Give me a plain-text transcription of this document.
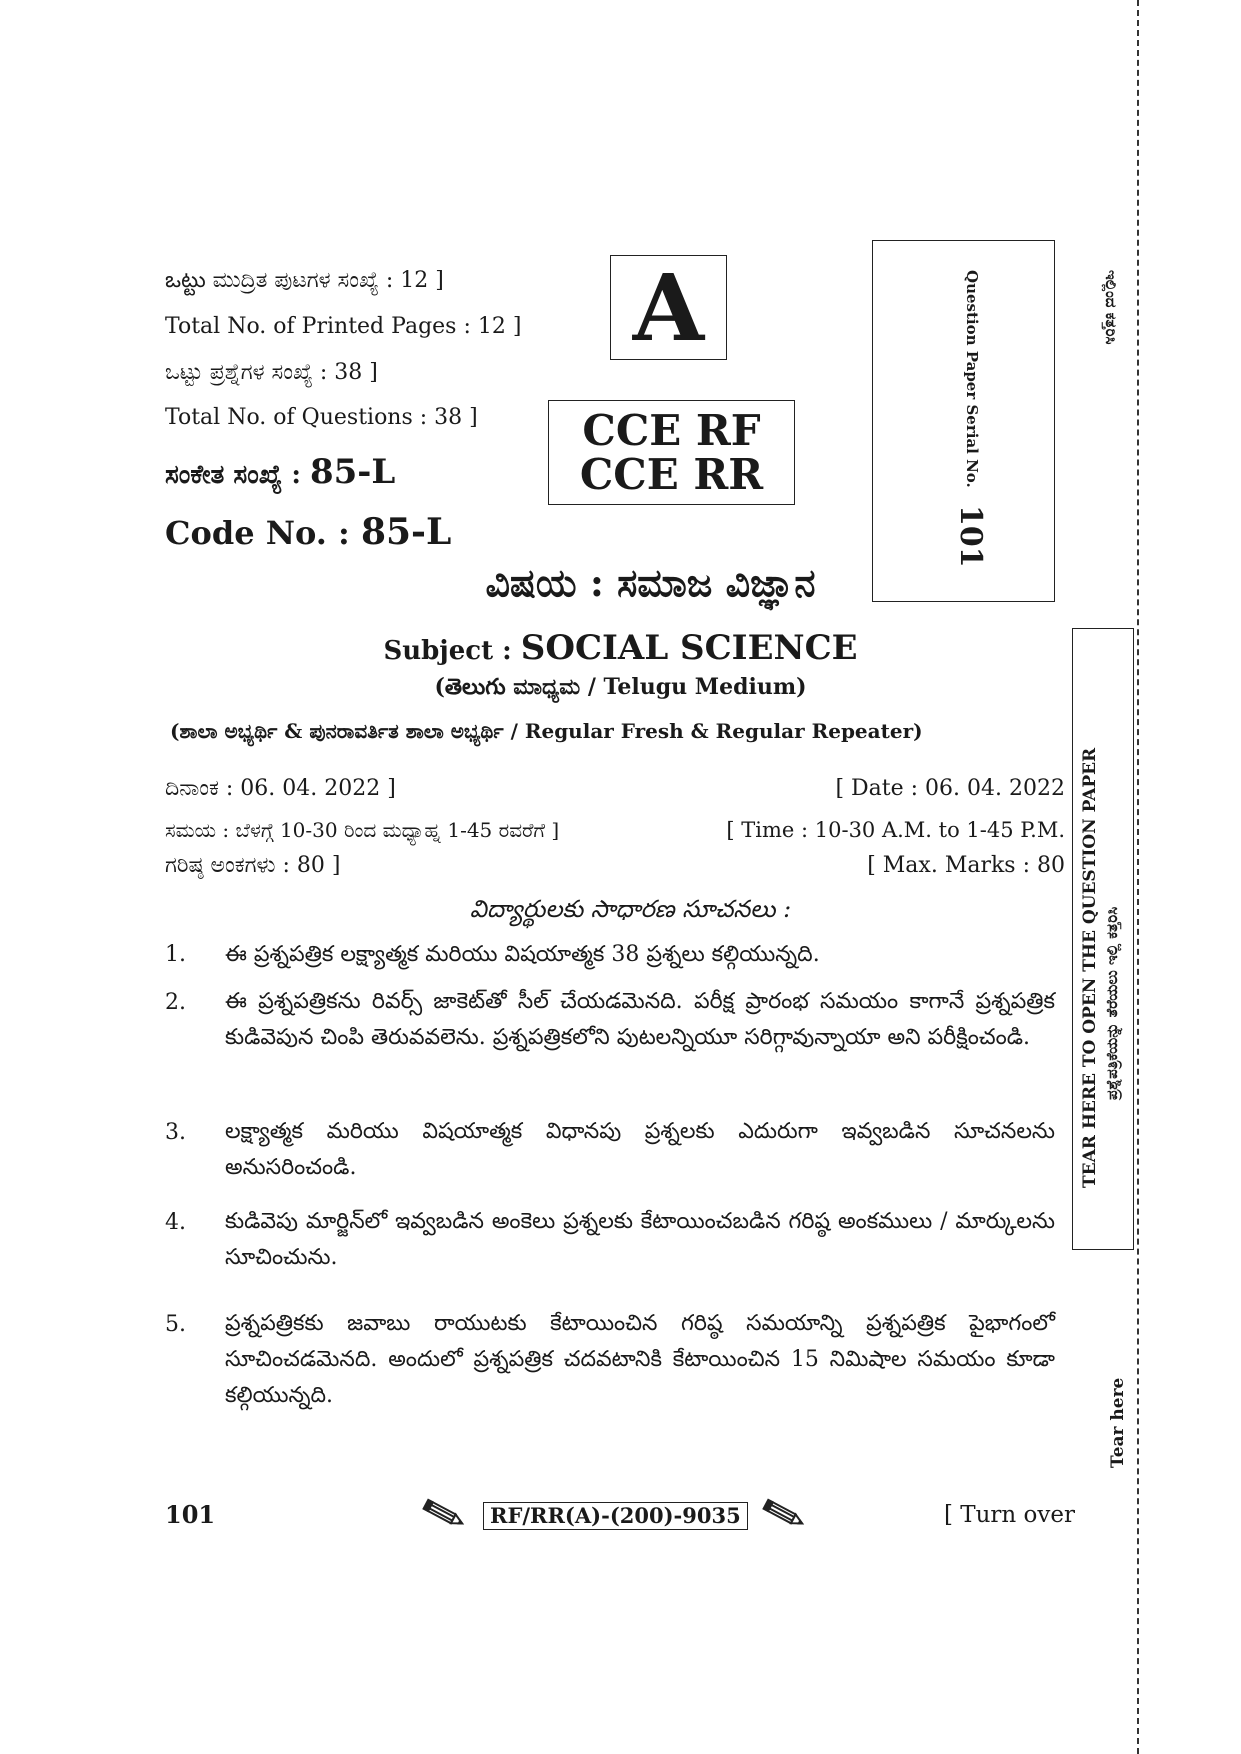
ఒట్టు ಮುದ್ರಿತ ಪುಟಗಳ ಸಂಖ್ಯೆ : 12 ]
Total No. of Printed Pages : 12 ]
ಒಟ್ಟು ಪ್ರಶ್ನೆಗಳ ಸಂಖ್ಯೆ : 38 ]
Total No. of Questions : 38 ]
ಸಂಕೇತ ಸಂಖ್ಯೆ : 85-L
Code No. : 85-L
A
CCE RF
CCE RR	Question Paper Serial No.
101
ವಿಷಯ : ಸಮಾಜ ವಿಜ್ಞಾನ
Subject : SOCIAL SCIENCE
(తెలుగు ಮಾಧ್ಯಮ / Telugu Medium)
(ಶಾಲಾ ಅಭ್ಯರ್ಥಿ & ಪುನರಾವರ್ತಿತ ಶಾಲಾ ಅಭ್ಯರ್ಥಿ / Regular Fresh & Regular Repeater)
ದಿನಾಂಕ : 06. 04. 2022 ]	[ Date : 06. 04. 2022
ಸಮಯ : ಬೆಳಗ್ಗೆ 10-30 ರಿಂದ ಮಧ್ಯಾಹ್ನ 1-45 ರವರೆಗೆ ]	[ Time : 10-30 A.M. to 1-45 P.M.
ಗರಿಷ್ಠ ಅಂಕಗಳು : 80 ]	[ Max. Marks : 80
విద్యార్థులకు సాధారణ సూచనలు :
1.	ఈ ప్రశ్నపత్రిక లక్ష్యాత్మక మరియు విషయాత్మక 38 ప్రశ్నలు కల్గియున్నది.
2.	ఈ ప్రశ్నపత్రికను రివర్స్ జాకెట్‌తో సీల్ చేయడమెనది. పరీక్ష ప్రారంభ సమయం కాగానే ప్రశ్నపత్రిక కుడివెపున చింపి తెరువవలెను. ప్రశ్నపత్రికలోని పుటలన్నియూ సరిగ్గావున్నాయా అని పరీక్షించండి.
3.	లక్ష్యాత్మక మరియు విషయాత్మక విధానపు ప్రశ్నలకు ఎదురుగా ఇవ్వబడిన సూచనలను అనుసరించండి.
4.	కుడివెపు మార్జిన్‌లో ఇవ్వబడిన అంకెలు ప్రశ్నలకు కేటాయించబడిన గరిష్ఠ అంకములు / మార్కులను సూచించును.
5.	ప్రశ్నపత్రికకు జవాబు రాయుటకు కేటాయించిన గరిష్ఠ సమయాన్ని ప్రశ్నపత్రిక పైభాగంలో సూచించడమెనది. అందులో ప్రశ్నపత్రిక చదవటానికి కేటాయించిన 15 నిమిషాల సమయం కూడా కల్గియున్నది.
ಇಲ್ಲಿಂದ ಕತ್ತರಿಸಿ
TEAR HERE TO OPEN THE QUESTION PAPER ಪ್ರಶ್ನೆಪತ್ರಿಕೆಯನ್ನು ತೆರೆಯಲು ಇಲ್ಲಿ ಕತ್ತರಿಸಿ
Tear here
101	RF/RR(A)-(200)-9035	[ Turn over
